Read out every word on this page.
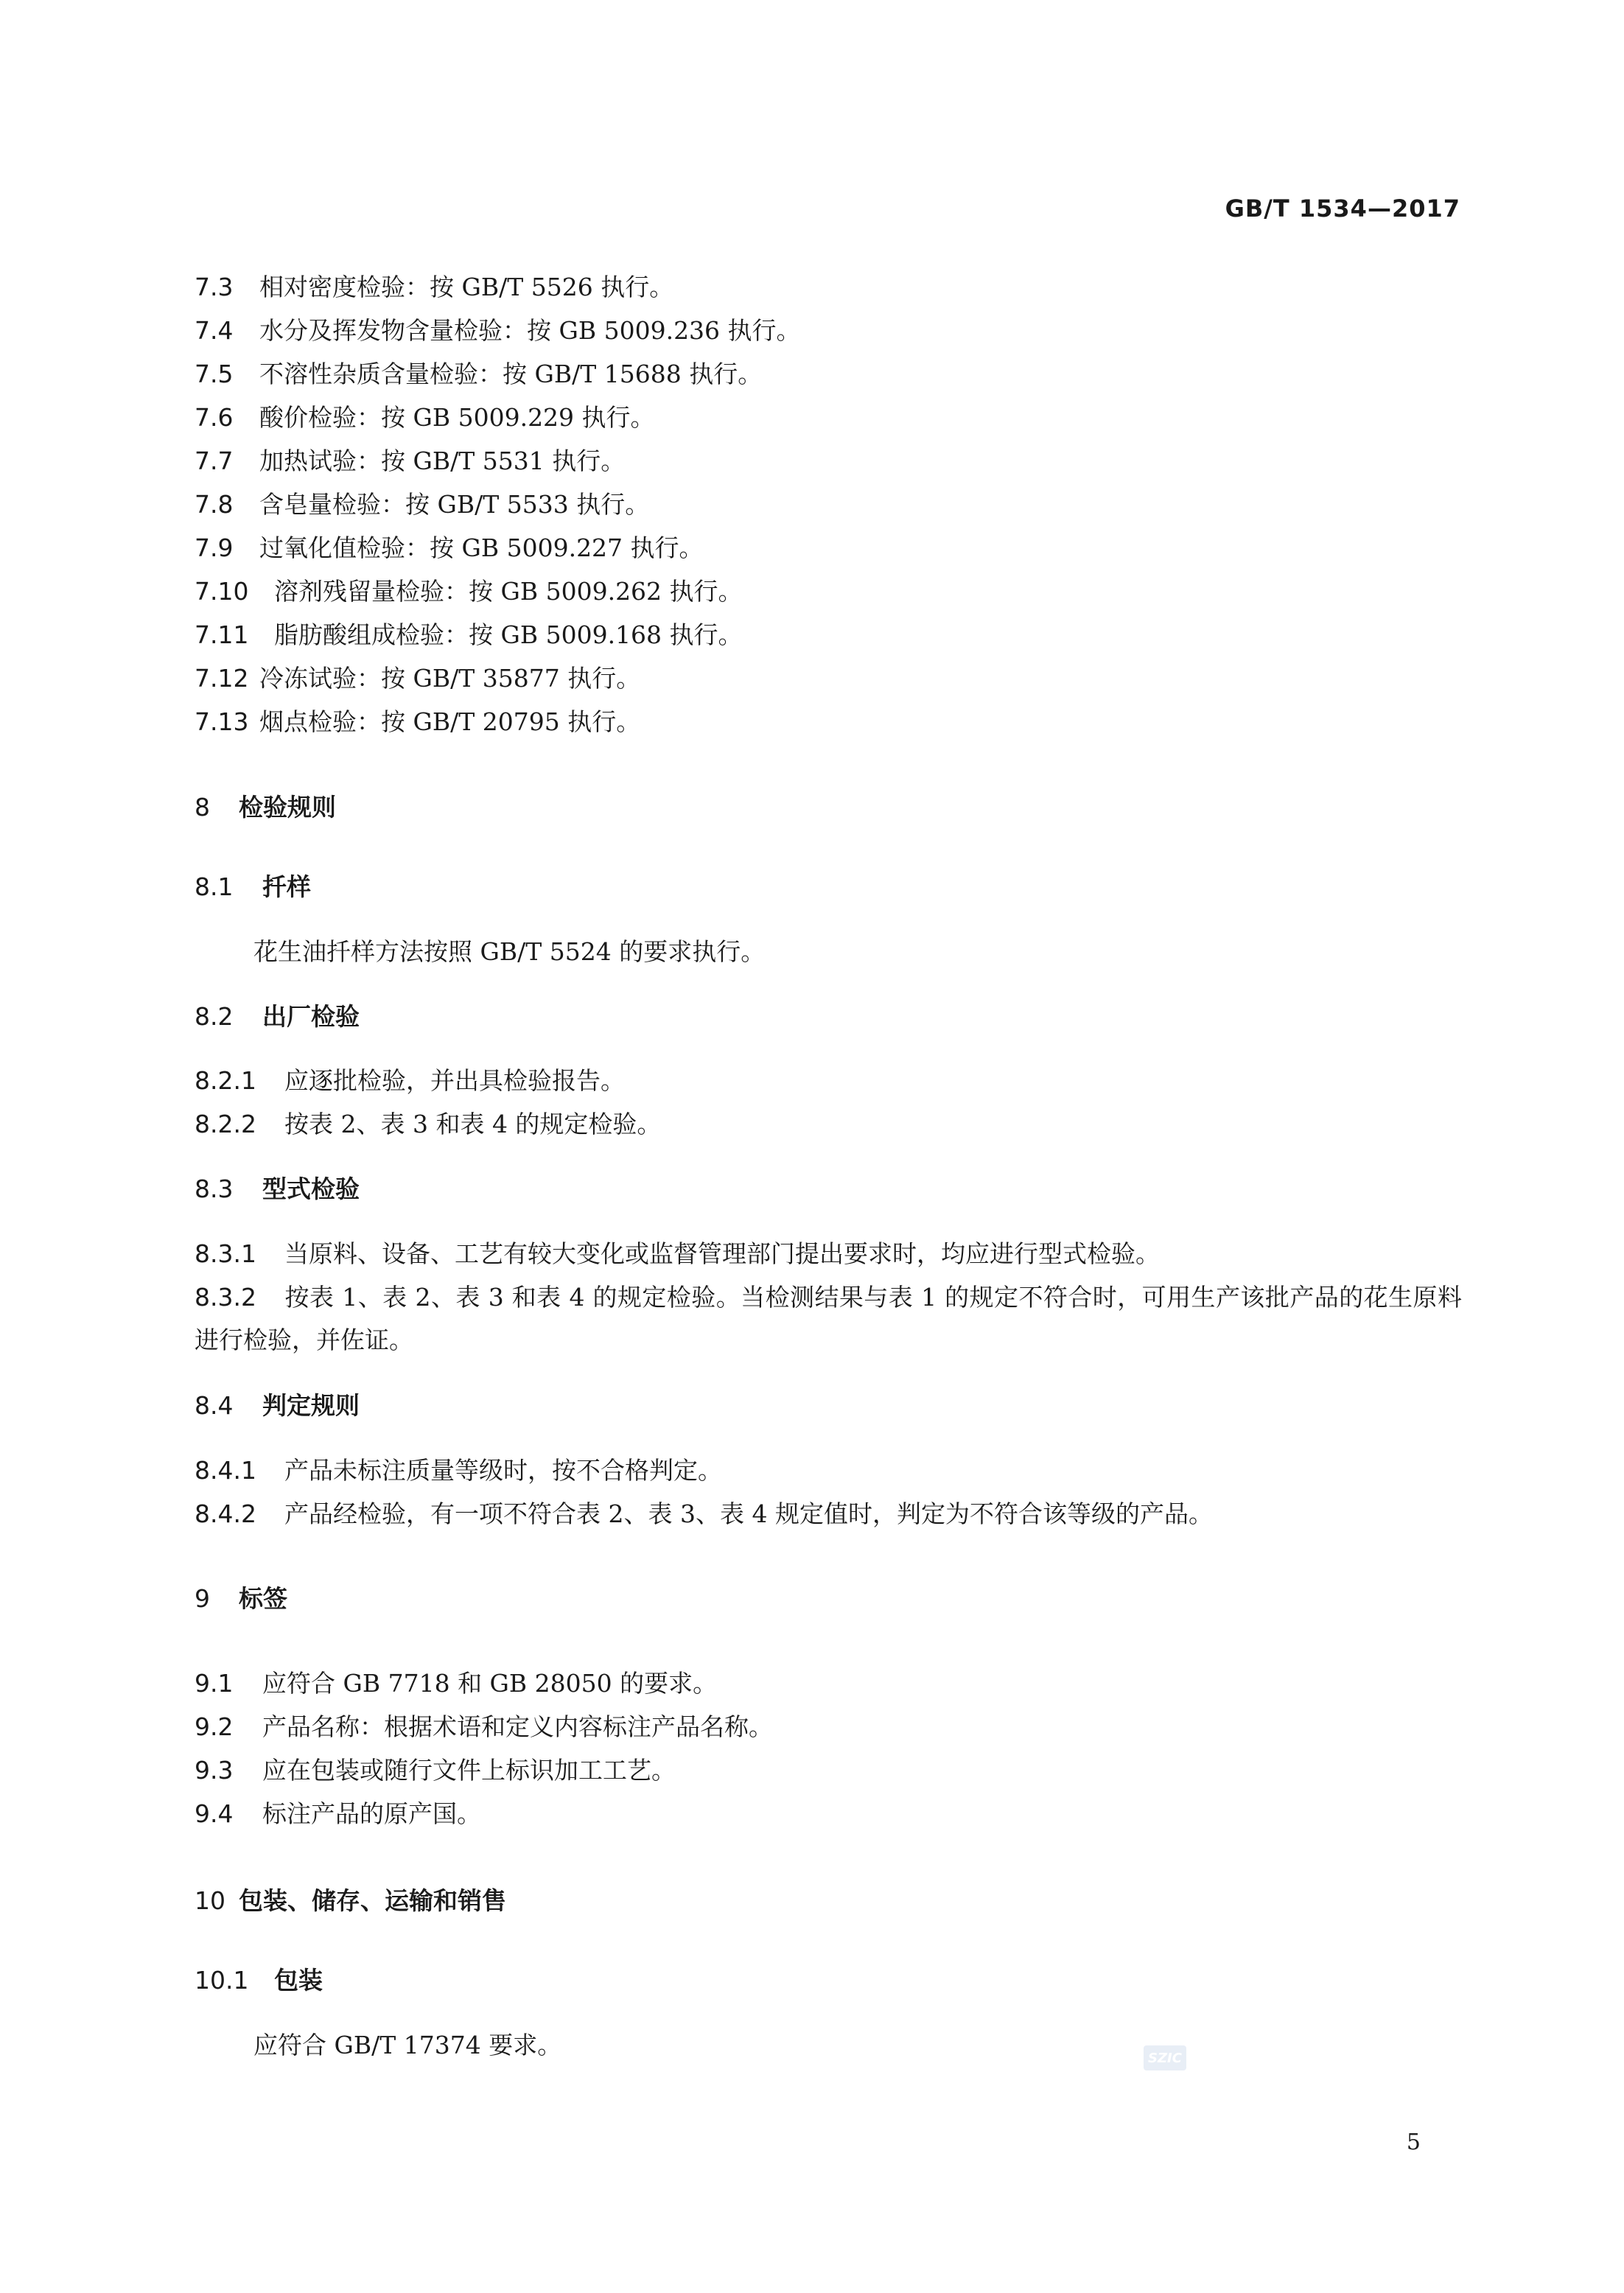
GB/T 1534—2017
7.3 相对密度检验：按 GB/T 5526 执行。
7.4 水分及挥发物含量检验：按 GB 5009.236 执行。
7.5 不溶性杂质含量检验：按 GB/T 15688 执行。
7.6 酸价检验：按 GB 5009.229 执行。
7.7 加热试验：按 GB/T 5531 执行。
7.8 含皂量检验：按 GB/T 5533 执行。
7.9 过氧化值检验：按 GB 5009.227 执行。
7.10 溶剂残留量检验：按 GB 5009.262 执行。
7.11 脂肪酸组成检验：按 GB 5009.168 执行。
7.12 冷冻试验：按 GB/T 35877 执行。
7.13 烟点检验：按 GB/T 20795 执行。
8 检验规则
8.1 扦样
花生油扦样方法按照 GB/T 5524 的要求执行。
8.2 出厂检验
8.2.1 应逐批检验，并出具检验报告。
8.2.2 按表 2、表 3 和表 4 的规定检验。
8.3 型式检验
8.3.1 当原料、设备、工艺有较大变化或监督管理部门提出要求时，均应进行型式检验。
8.3.2 按表 1、表 2、表 3 和表 4 的规定检验。当检测结果与表 1 的规定不符合时，可用生产该批产品的花生原料进行检验，并佐证。
8.4 判定规则
8.4.1 产品未标注质量等级时，按不合格判定。
8.4.2 产品经检验，有一项不符合表 2、表 3、表 4 规定值时，判定为不符合该等级的产品。
9 标签
9.1 应符合 GB 7718 和 GB 28050 的要求。
9.2 产品名称：根据术语和定义内容标注产品名称。
9.3 应在包装或随行文件上标识加工工艺。
9.4 标注产品的原产国。
10 包装、储存、运输和销售
10.1 包装
应符合 GB/T 17374 要求。	SZIC
5
